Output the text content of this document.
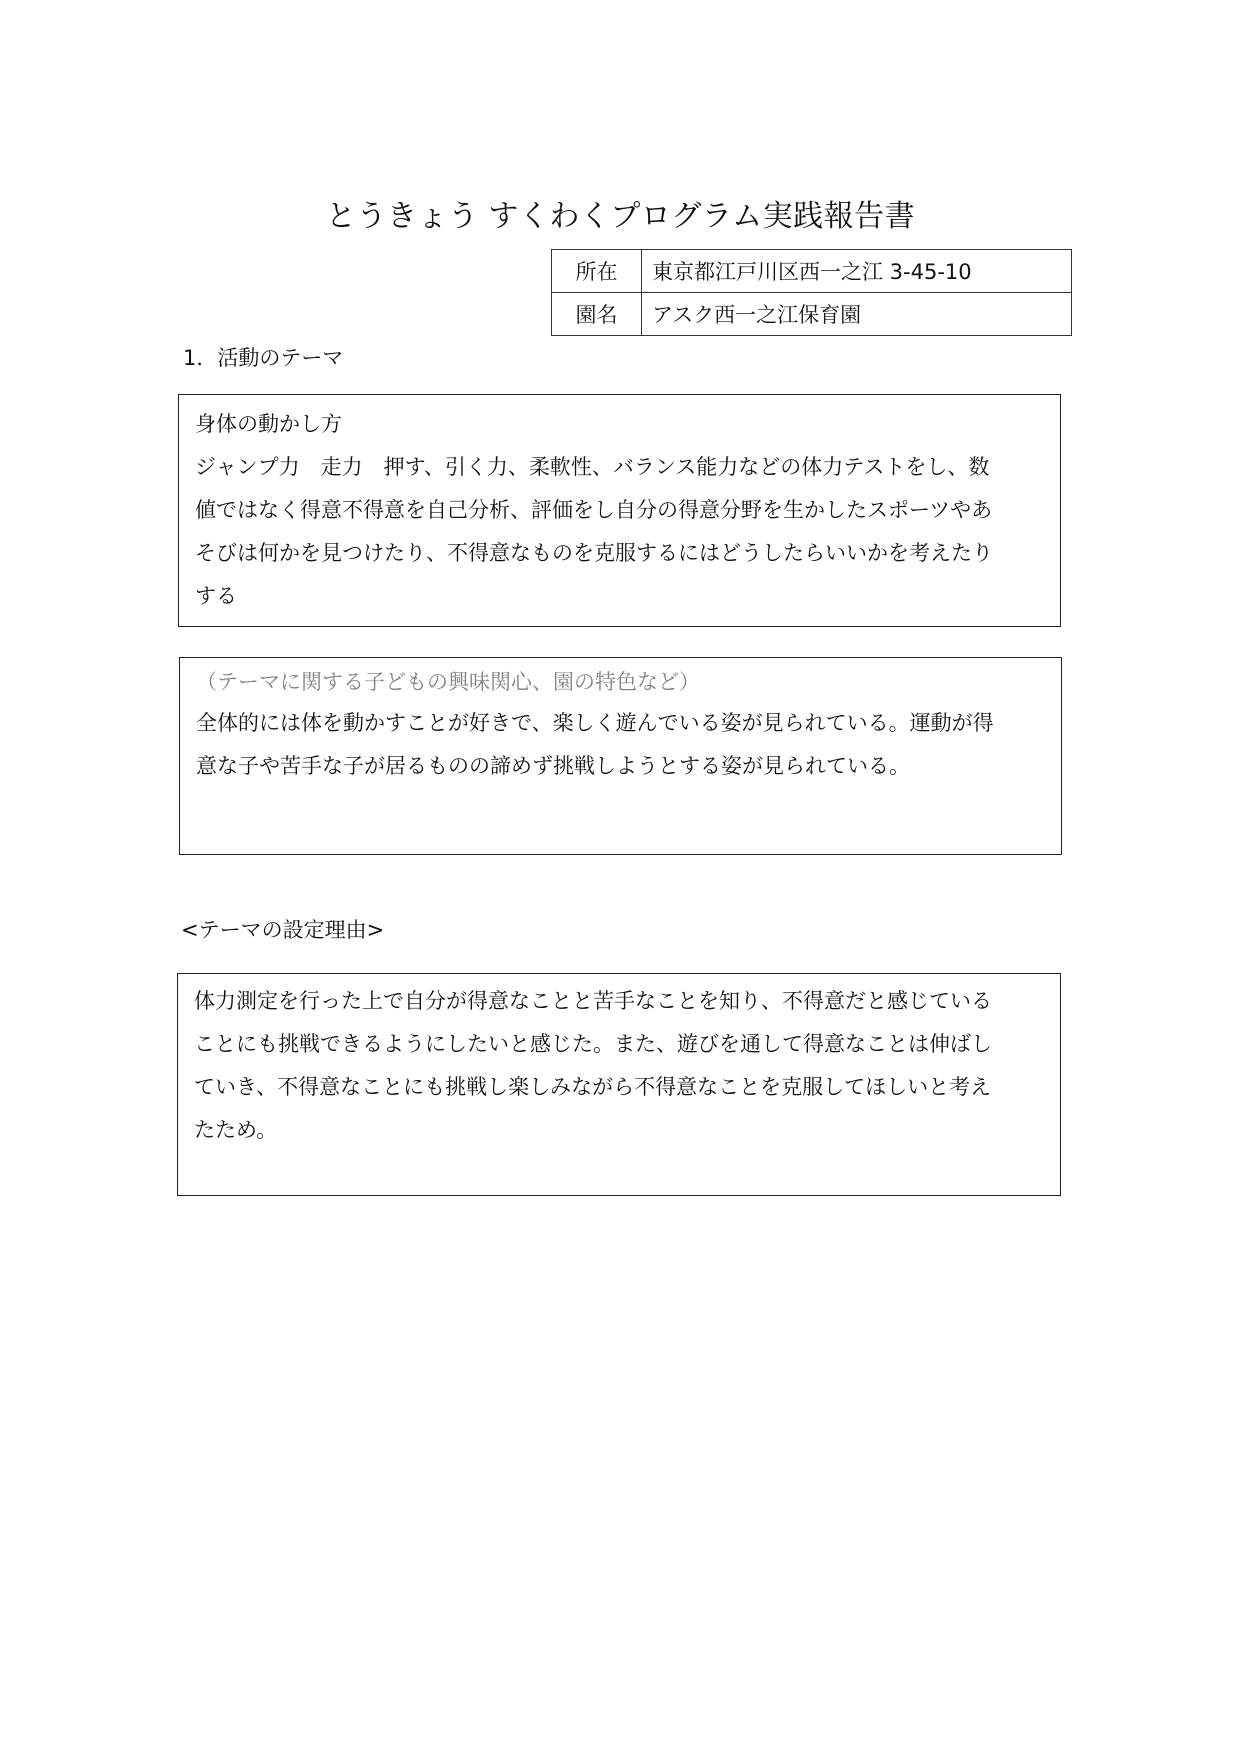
とうきょう すくわくプログラム実践報告書
所在	東京都江戸川区西一之江 3-45-10
園名	アスク西一之江保育園
1．活動のテーマ

身体の動かし方

ジャンプ力　走力　押す、引く力、柔軟性、バランス能力などの体力テストをし、数

値ではなく得意不得意を自己分析、評価をし自分の得意分野を生かしたスポーツやあ

そびは何かを見つけたり、不得意なものを克服するにはどうしたらいいかを考えたり

する

（テーマに関する子どもの興味関心、園の特色など）

全体的には体を動かすことが好きで、楽しく遊んでいる姿が見られている。運動が得

意な子や苦手な子が居るものの諦めず挑戦しようとする姿が見られている。

<テーマの設定理由>

体力測定を行った上で自分が得意なことと苦手なことを知り、不得意だと感じている

ことにも挑戦できるようにしたいと感じた。また、遊びを通して得意なことは伸ばし

ていき、不得意なことにも挑戦し楽しみながら不得意なことを克服してほしいと考え

たため。
